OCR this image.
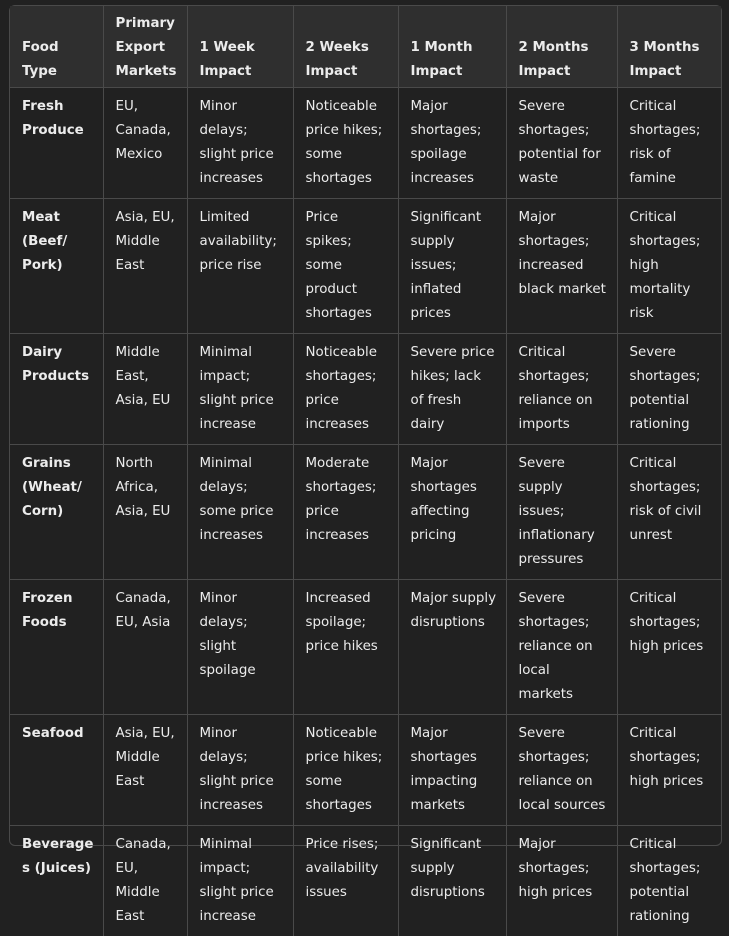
Food Type	Primary Export Markets	1 Week Impact	2 Weeks Impact	1 Month Impact	2 Months Impact	3 Months Impact
Fresh Produce	EU, Canada, Mexico	Minor delays; slight price increases	Noticeable price hikes; some shortages	Major shortages; spoilage increases	Severe shortages; potential for waste	Critical shortages; risk of famine
Meat (Beef/ Pork)	Asia, EU, Middle East	Limited availability; price rise	Price spikes; some product shortages	Significant supply issues; inflated prices	Major shortages; increased black market	Critical shortages; high mortality risk
Dairy Products	Middle East, Asia, EU	Minimal impact; slight price increase	Noticeable shortages; price increases	Severe price hikes; lack of fresh dairy	Critical shortages; reliance on imports	Severe shortages; potential rationing
Grains (Wheat/ Corn)	North Africa, Asia, EU	Minimal delays; some price increases	Moderate shortages; price increases	Major shortages affecting pricing	Severe supply issues; inflationary pressures	Critical shortages; risk of civil unrest
Frozen Foods	Canada, EU, Asia	Minor delays; slight spoilage	Increased spoilage; price hikes	Major supply disruptions	Severe shortages; reliance on local markets	Critical shortages; high prices
Seafood	Asia, EU, Middle East	Minor delays; slight price increases	Noticeable price hikes; some shortages	Major shortages impacting markets	Severe shortages; reliance on local sources	Critical shortages; high prices
Beverages (Juices)	Canada, EU, Middle East	Minimal impact; slight price increase	Price rises; availability issues	Significant supply disruptions	Major shortages; high prices	Critical shortages; potential rationing
